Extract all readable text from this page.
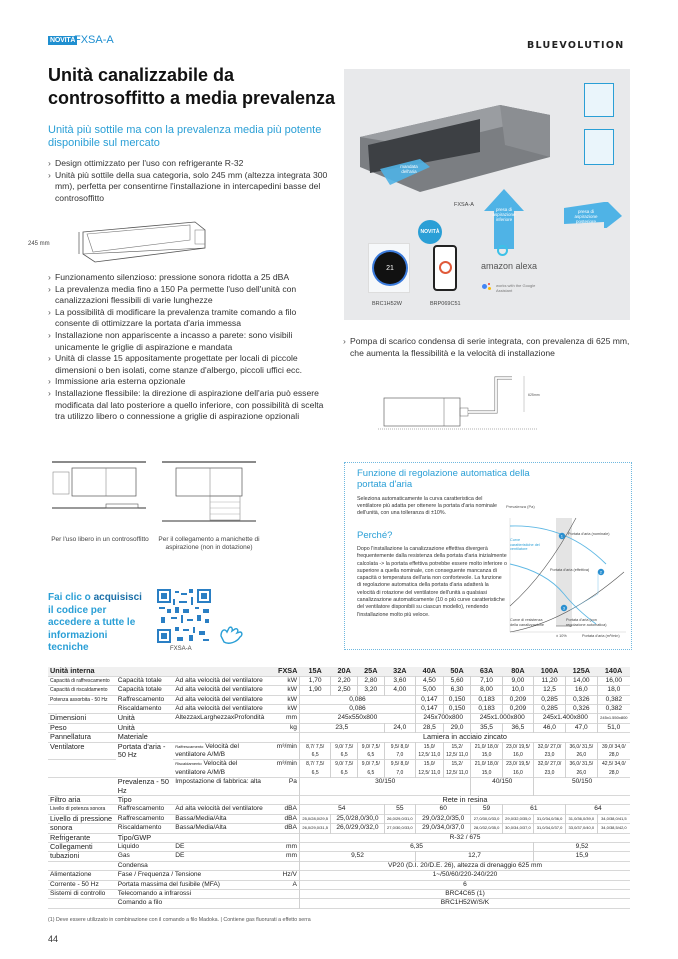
NOVITÀ
FXSA-A	BLUEVOLUTION
Unità canalizzabile da controsoffitto a media prevalenza

Unità più sottile ma con la prevalenza media più potente disponibile sul mercato

› Design ottimizzato per l'uso con refrigerante R-32
› Unità più sottile della sua categoria, solo 245 mm (altezza integrata 300 mm), perfetta per consentirne l'installazione in intercapedini basse del controsoffitto
245 mm
› Funzionamento silenzioso: pressione sonora ridotta a 25 dBA
› La prevalenza media fino a 150 Pa permette l'uso dell'unità con canalizzazioni flessibili di varie lunghezze
› La possibilità di modificare la prevalenza tramite comando a filo consente di ottimizzare la portata d'aria immessa
› Installazione non appariscente a incasso a parete: sono visibili unicamente le griglie di aspirazione e mandata
› Unità di classe 15 appositamente progettate per locali di piccole dimensioni o ben isolati, come stanze d'albergo, piccoli uffici ecc.
› Immissione aria esterna opzionale
› Installazione flessibile: la direzione di aspirazione dell'aria può essere modificata dal lato posteriore a quello inferiore, con possibilità di scelta tra utilizzo libero o connessione a griglie di aspirazione opzionali
mandata dell'aria
presa di aspirazione inferiore
presa di aspirazione posteriore
FXSA-A
21
BRC1H52W
NOVITÀ
BRP069C51
amazon alexa
works with the Google Assistant
› Pompa di scarico condensa di serie integrata, con prevalenza di 625 mm, che aumenta la flessibilità e la velocità di installazione
625mm
Per l'uso libero in un controsoffitto	Per il collegamento a manichette di aspirazione (non in dotazione)
Fai clic o acquisisci il codice per accedere a tutte le informazioni tecniche	FXSA-A
Funzione di regolazione automatica della portata d'aria
Seleziona automaticamente la curva caratteristica del ventilatore più adatta per ottenere la portata d'aria nominale dell'unità, con una tolleranza di ±10%.
Perché?
Dopo l'installazione la canalizzazione effettiva divergerà frequentemente dalla resistenza della portata d'aria inizialmente calcolata -> la portata effettiva potrebbe essere molto inferiore o superiore a quella nominale, con conseguente mancanza di capacità o temperatura dell'aria non confortevole. La funzione di regolazione automatica della portata d'aria adatterà la velocità di rotazione del ventilatore dell'unità a qualsiasi canalizzazione automaticamente (10 o più curve caratteristiche del ventilatore disponibili su ciascun modello), rendendo l'installazione molto più veloce.
1
2
3
Prevalenza (Pa)
Curve caratteristiche del ventilatore
Portata d'aria (nominale)
Portata d'aria (effettiva)
Curve di resistenza della canalizzazione
Portata d'aria (con regolazione automatica)
± 10%	Portata d'aria (m³/min)
Unità interna			FXSA	15A	20A	25A	32A	40A	50A	63A	80A	100A	125A	140A
Capacità di raffrescamento	Capacità totale	Ad alta velocità del ventilatore	kW	1,70	2,20	2,80	3,60	4,50	5,60	7,10	9,00	11,20	14,00	16,00
Capacità di riscaldamento	Capacità totale	Ad alta velocità del ventilatore	kW	1,90	2,50	3,20	4,00	5,00	6,30	8,00	10,0	12,5	16,0	18,0
Potenza assorbita - 50 Hz	Raffrescamento	Ad alta velocità del ventilatore	kW	0,086				0,147	0,150	0,183	0,209	0,285	0,326	0,382
	Riscaldamento	Ad alta velocità del ventilatore	kW	0,086				0,147	0,150	0,183	0,209	0,285	0,326	0,382
Dimensioni	Unità	AltezzaxLarghezzaxProfondità	mm	245x550x800				245x700x800		245x1.000x800		245x1.400x800		245x1.550x800
Peso	Unità		kg	23,5			24,0	28,5	29,0	35,5	36,5	46,0	47,0	51,0
Pannellatura	Materiale			Lamiera in acciaio zincato										
Ventilatore	Portata d'aria - 50 Hz	Raffrescamento Velocità del ventilatore A/M/B	m³/min	8,7/ 7,5/ 6,5	9,0/ 7,5/ 6,5	9,0/ 7,5/ 6,5	9,5/ 8,0/ 7,0	15,0/ 12,5/ 11,0	15,2/ 12,5/ 11,0	21,0/ 18,0/ 15,0	23,0/ 19,5/ 16,0	32,0/ 27,0/ 23,0	36,0/ 31,5/ 26,0	39,0/ 34,0/ 28,0
		Riscaldamento Velocità del ventilatore A/M/B	m³/min	8,7/ 7,5/ 6,5	9,0/ 7,5/ 6,5	9,0/ 7,5/ 6,5	9,5/ 8,0/ 7,0	15,0/ 12,5/ 11,0	15,2/ 12,5/ 11,0	21,0/ 18,0/ 15,0	23,0/ 19,5/ 16,0	32,0/ 27,0/ 23,0	36,0/ 31,5/ 26,0	42,5/ 34,0/ 28,0
	Prevalenza - 50 Hz	Impostazione di fabbrica: alta	Pa	30/150						40/150		50/150		
Filtro aria	Tipo			Rete in resina										
Livello di potenza sonora	Raffrescamento	Ad alta velocità del ventilatore	dBA	54			55	60		59	61		64	
Livello di pressione	Raffrescamento	Bassa/Media/Alta	dBA	25,0/28,0/29,5	25,0/28,0/30,0		26,0/29,0/31,0	29,0/32,0/35,0		27,0/30,0/33,0	29,0/32,0/35,0	31,0/34,0/36,0	31,0/36,0/39,0	34,0/38,0/41,5
sonora	Riscaldamento	Bassa/Media/Alta	dBA	26,0/29,0/31,5	26,0/29,0/32,0		27,0/30,0/33,0	29,0/34,0/37,0		28,0/32,0/35,0	30,0/34,0/37,0	31,0/34,0/37,0	33,0/37,0/40,0	34,0/38,5/42,0
Refrigerante	Tipo/GWP			R-32 / 675										
Collegamenti	Liquido	DE	mm	6,35								9,52		
tubazioni	Gas	DE	mm	9,52				12,7				15,9		
	Condensa			VP20 (D.I. 20/D.E. 26), altezza di drenaggio 625 mm										
Alimentazione	Fase / Frequenza / Tensione		Hz/V	1~/50/60/220-240/220										
Corrente - 50 Hz	Portata massima del fusibile (MFA)		A	6										
Sistemi di controllo	Telecomando a infrarossi			BRC4C65 (1)										
	Comando a filo			BRC1H52W/S/K										
(1) Deve essere utilizzato in combinazione con il comando a filo Madoka. | Contiene gas fluorurati a effetto serra
44
